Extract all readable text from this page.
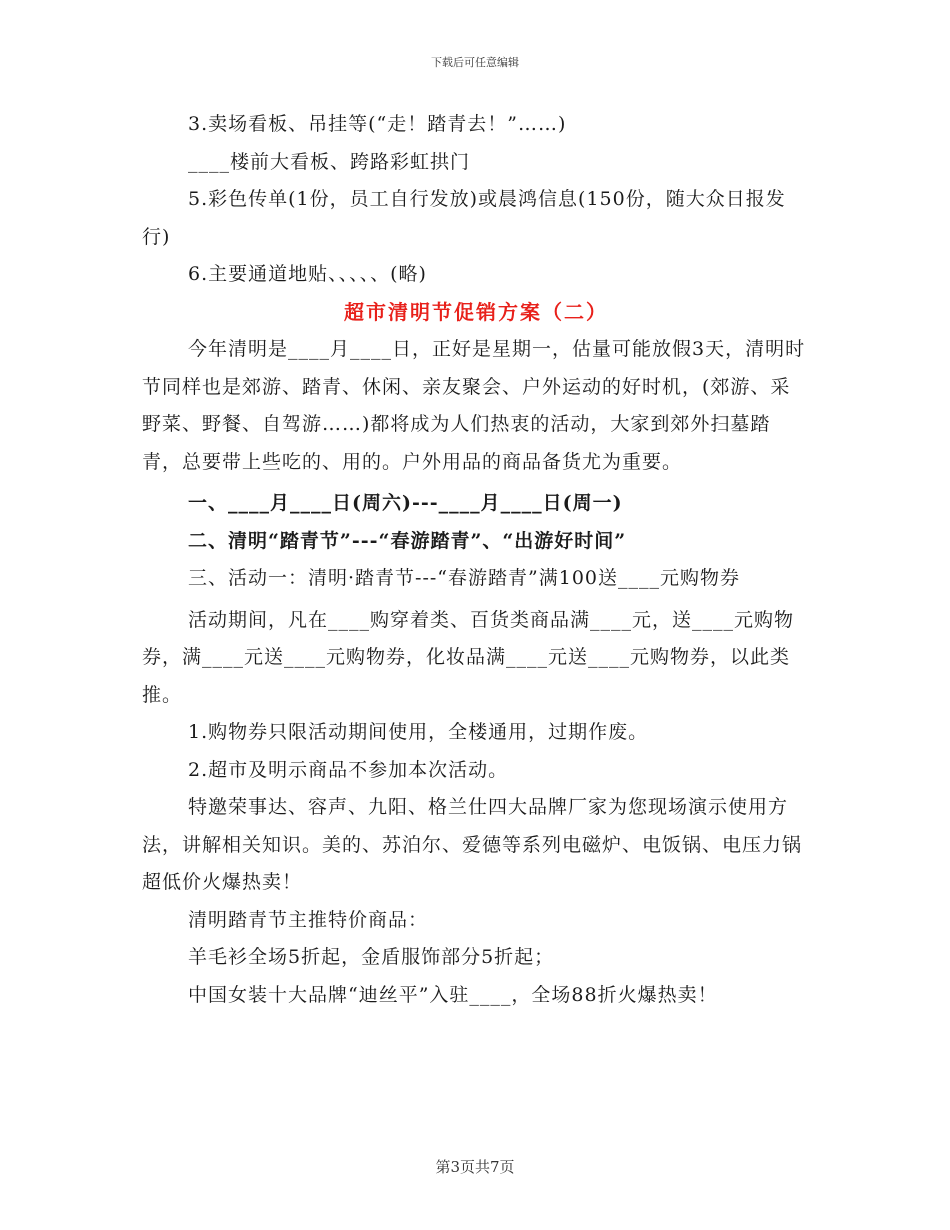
下载后可任意编辑

3.卖场看板、吊挂等(“走！踏青去！”……)

____楼前大看板、跨路彩虹拱门

5.彩色传单(1份，员工自行发放)或晨鸿信息(150份，随大众日报发行)

6.主要通道地贴、、、、、(略)

超市清明节促销方案（二）

今年清明是____月____日，正好是星期一，估量可能放假3天，清明时节同样也是郊游、踏青、休闲、亲友聚会、户外运动的好时机，(郊游、采野菜、野餐、自驾游……)都将成为人们热衷的活动，大家到郊外扫墓踏青，总要带上些吃的、用的。户外用品的商品备货尤为重要。

一、____月____日(周六)---____月____日(周一)

二、清明“踏青节”---“春游踏青”、“出游好时间”

三、活动一：清明·踏青节---“春游踏青”满100送____元购物券

活动期间，凡在____购穿着类、百货类商品满____元，送____元购物券，满____元送____元购物券，化妆品满____元送____元购物券，以此类推。

1.购物券只限活动期间使用，全楼通用，过期作废。

2.超市及明示商品不参加本次活动。

特邀荣事达、容声、九阳、格兰仕四大品牌厂家为您现场演示使用方法，讲解相关知识。美的、苏泊尔、爱德等系列电磁炉、电饭锅、电压力锅超低价火爆热卖！

清明踏青节主推特价商品：

羊毛衫全场5折起，金盾服饰部分5折起；

中国女装十大品牌“迪丝平”入驻____，全场88折火爆热卖！

第3页共7页
